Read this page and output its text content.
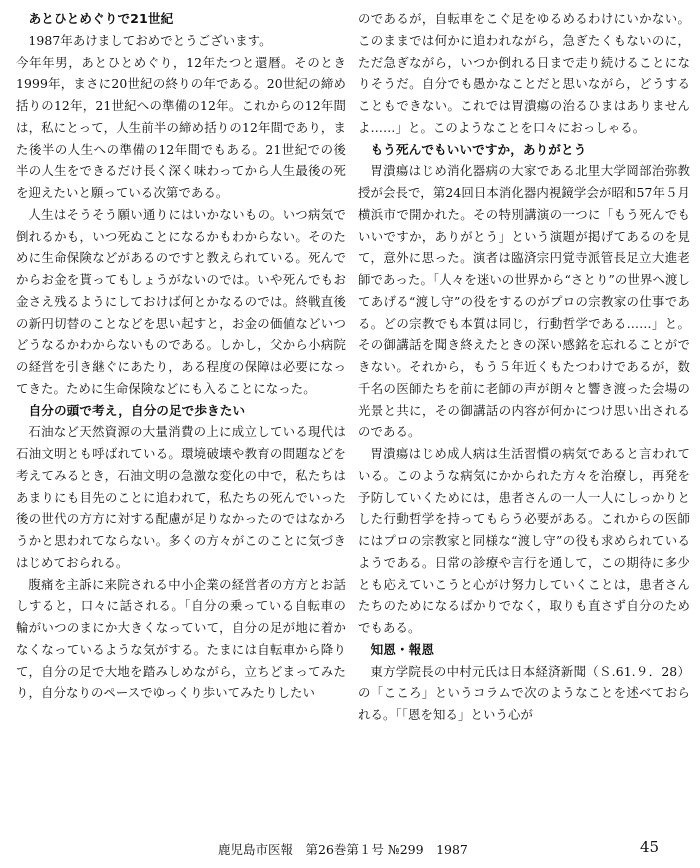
あとひとめぐりで21世紀

1987年あけましておめでとうございます。

今年年男，あとひとめぐり，12年たつと還暦。そのとき1999年，まさに20世紀の終りの年である。20世紀の締め括りの12年，21世紀への準備の12年。これからの12年間は，私にとって，人生前半の締め括りの12年間であり，また後半の人生への準備の12年間でもある。21世紀での後半の人生をできるだけ長く深く味わってから人生最後の死を迎えたいと願っている次第である。

人生はそうそう願い通りにはいかないもの。いつ病気で倒れるかも，いつ死ぬことになるかもわからない。そのために生命保険などがあるのですと教えられている。死んでからお金を貰ってもしょうがないのでは。いや死んでもお金さえ残るようにしておけば何とかなるのでは。終戦直後の新円切替のことなどを思い起すと，お金の価値などいつどうなるかわからないものである。しかし，父から小病院の経営を引き継ぐにあたり，ある程度の保障は必要になってきた。ために生命保険などにも入ることになった。

自分の頭で考え，自分の足で歩きたい

石油など天然資源の大量消費の上に成立している現代は石油文明とも呼ばれている。環境破壊や教育の問題などを考えてみるとき，石油文明の急激な変化の中で，私たちはあまりにも目先のことに追われて，私たちの死んでいった後の世代の方方に対する配慮が足りなかったのではなかろうかと思われてならない。多くの方々がこのことに気づきはじめておられる。

腹痛を主訴に来院される中小企業の経営者の方方とお話しすると，口々に話される。「自分の乗っている自転車の輪がいつのまにか大きくなっていて，自分の足が地に着かなくなっているような気がする。たまには自転車から降りて，自分の足で大地を踏みしめながら，立ちどまってみたり，自分なりのペースでゆっくり歩いてみたりしたい

のであるが，自転車をこぐ足をゆるめるわけにいかない。このままでは何かに追われながら，急ぎたくもないのに，ただ急ぎながら，いつか倒れる日まで走り続けることになりそうだ。自分でも愚かなことだと思いながら，どうすることもできない。これでは胃潰瘍の治るひまはありませんよ……」と。このようなことを口々におっしゃる。

もう死んでもいいですか，ありがとう

胃潰瘍はじめ消化器病の大家である北里大学岡部治弥教授が会長で，第24回日本消化器内視鏡学会が昭和57年５月横浜市で開かれた。その特別講演の一つに「もう死んでもいいですか，ありがとう」という演題が掲げてあるのを見て，意外に思った。演者は臨済宗円覚寺派管長足立大進老師であった。「人々を迷いの世界から“さとり”の世界へ渡してあげる“渡し守”の役をするのがプロの宗教家の仕事である。どの宗教でも本質は同じ，行動哲学である……」と。その御講話を聞き終えたときの深い感銘を忘れることができない。それから，もう５年近くもたつわけであるが，数千名の医師たちを前に老師の声が朗々と響き渡った会場の光景と共に，その御講話の内容が何かにつけ思い出されるのである。

胃潰瘍はじめ成人病は生活習慣の病気であると言われている。このような病気にかかられた方々を治療し，再発を予防していくためには，患者さんの一人一人にしっかりとした行動哲学を持ってもらう必要がある。これからの医師にはプロの宗教家と同様な“渡し守”の役も求められているようである。日常の診療や言行を通して，この期待に多少とも応えていこうと心がけ努力していくことは，患者さんたちのためになるばかりでなく，取りも直さず自分のためでもある。

知恩・報恩

東方学院長の中村元氏は日本経済新聞（Ｓ.61.９．28）の「こころ」というコラムで次のようなことを述べておられる。「「恩を知る」という心が

鹿児島市医報　第26巻第１号 №299　1987	45
